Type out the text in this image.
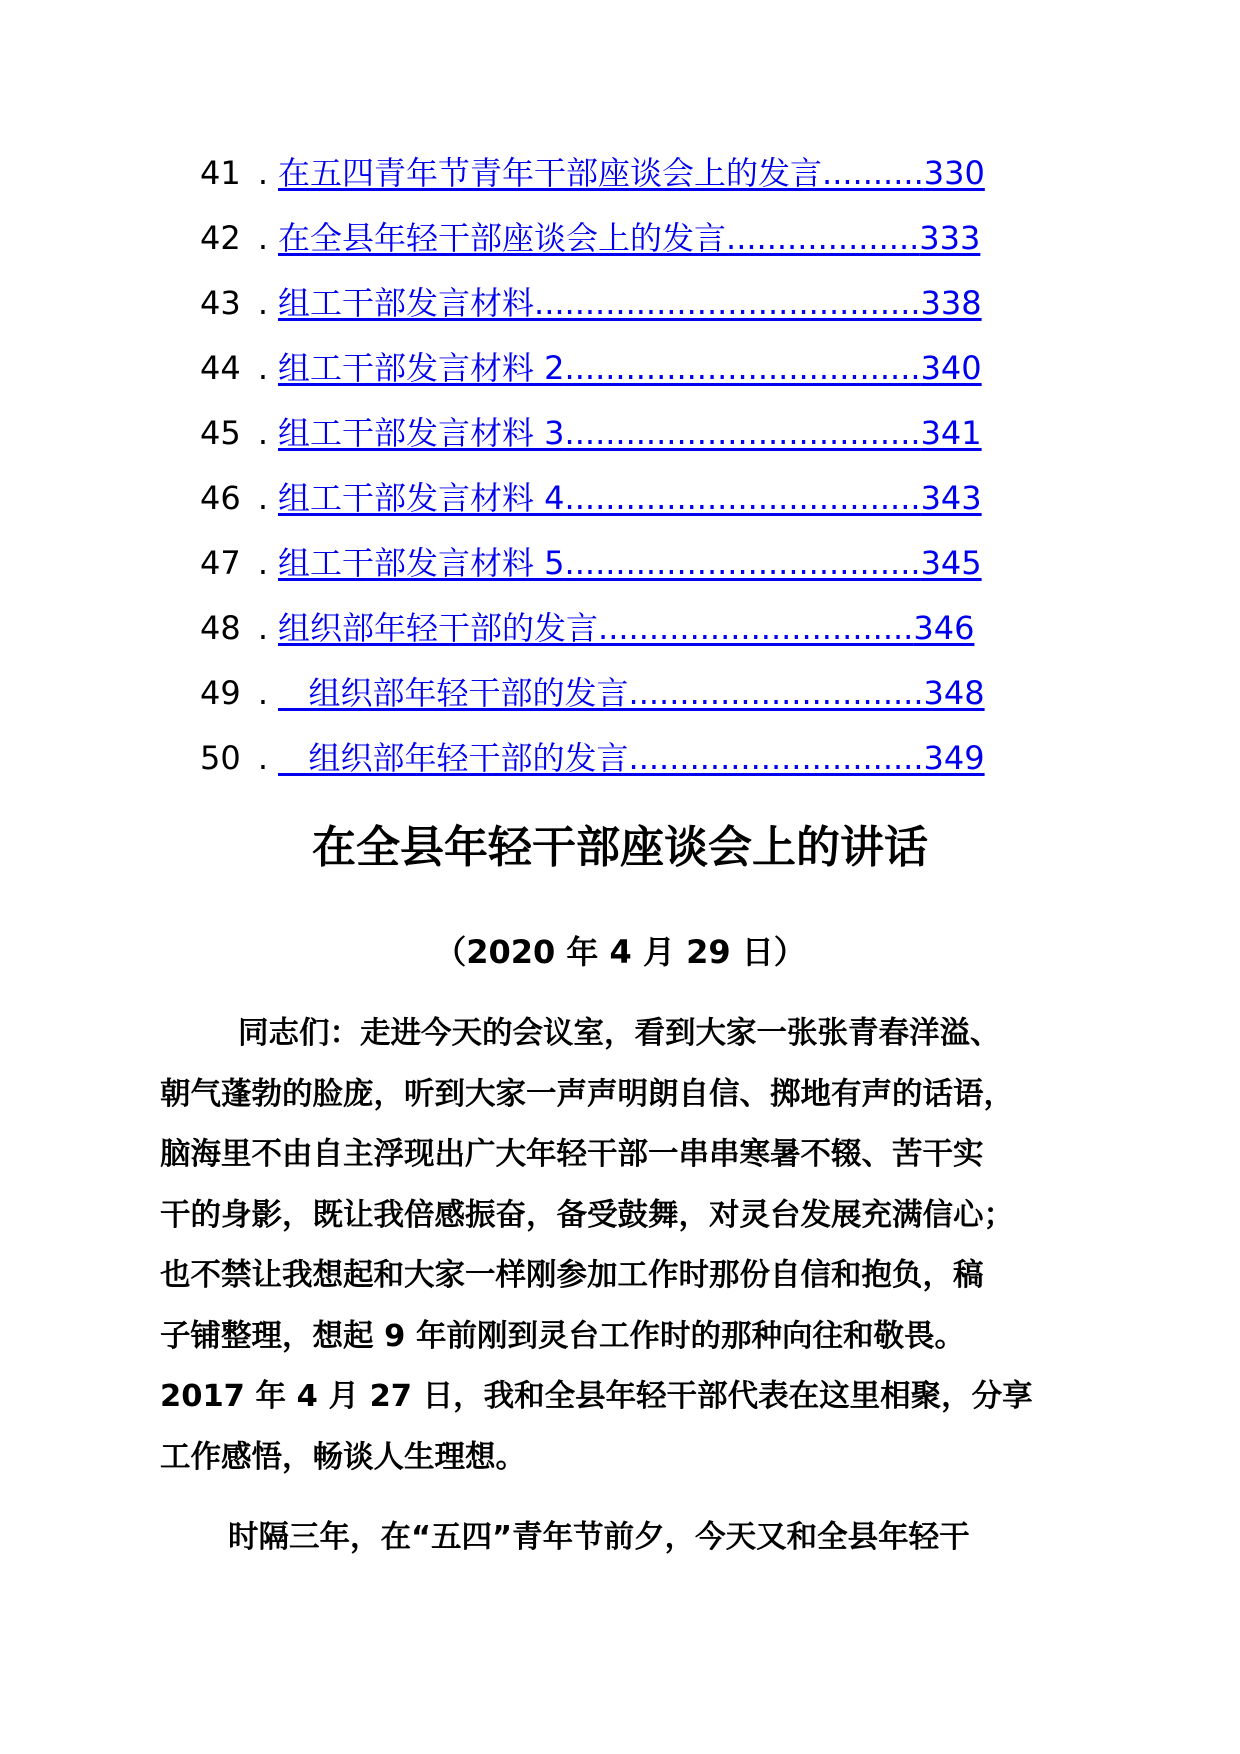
41 . 在五四青年节青年干部座谈会上的发言..........330
42 . 在全县年轻干部座谈会上的发言...................333
43 . 组工干部发言材料......................................338
44 . 组工干部发言材料 2...................................340
45 . 组工干部发言材料 3...................................341
46 . 组工干部发言材料 4...................................343
47 . 组工干部发言材料 5...................................345
48 . 组织部年轻干部的发言...............................346
49 . 组织部年轻干部的发言.............................348
50 . 组织部年轻干部的发言.............................349
在全县年轻干部座谈会上的讲话
（2020 年 4 月 29 日）

同志们：走进今天的会议室，看到大家一张张青春洋溢、
朝气蓬勃的脸庞，听到大家一声声明朗自信、掷地有声的话语，
脑海里不由自主浮现出广大年轻干部一串串寒暑不辍、苦干实
干的身影，既让我倍感振奋，备受鼓舞，对灵台发展充满信心；
也不禁让我想起和大家一样刚参加工作时那份自信和抱负，稿
子铺整理，想起 9 年前刚到灵台工作时的那种向往和敬畏。
2017 年 4 月 27 日，我和全县年轻干部代表在这里相聚，分享
工作感悟，畅谈人生理想。

时隔三年，在“五四”青年节前夕，今天又和全县年轻干
